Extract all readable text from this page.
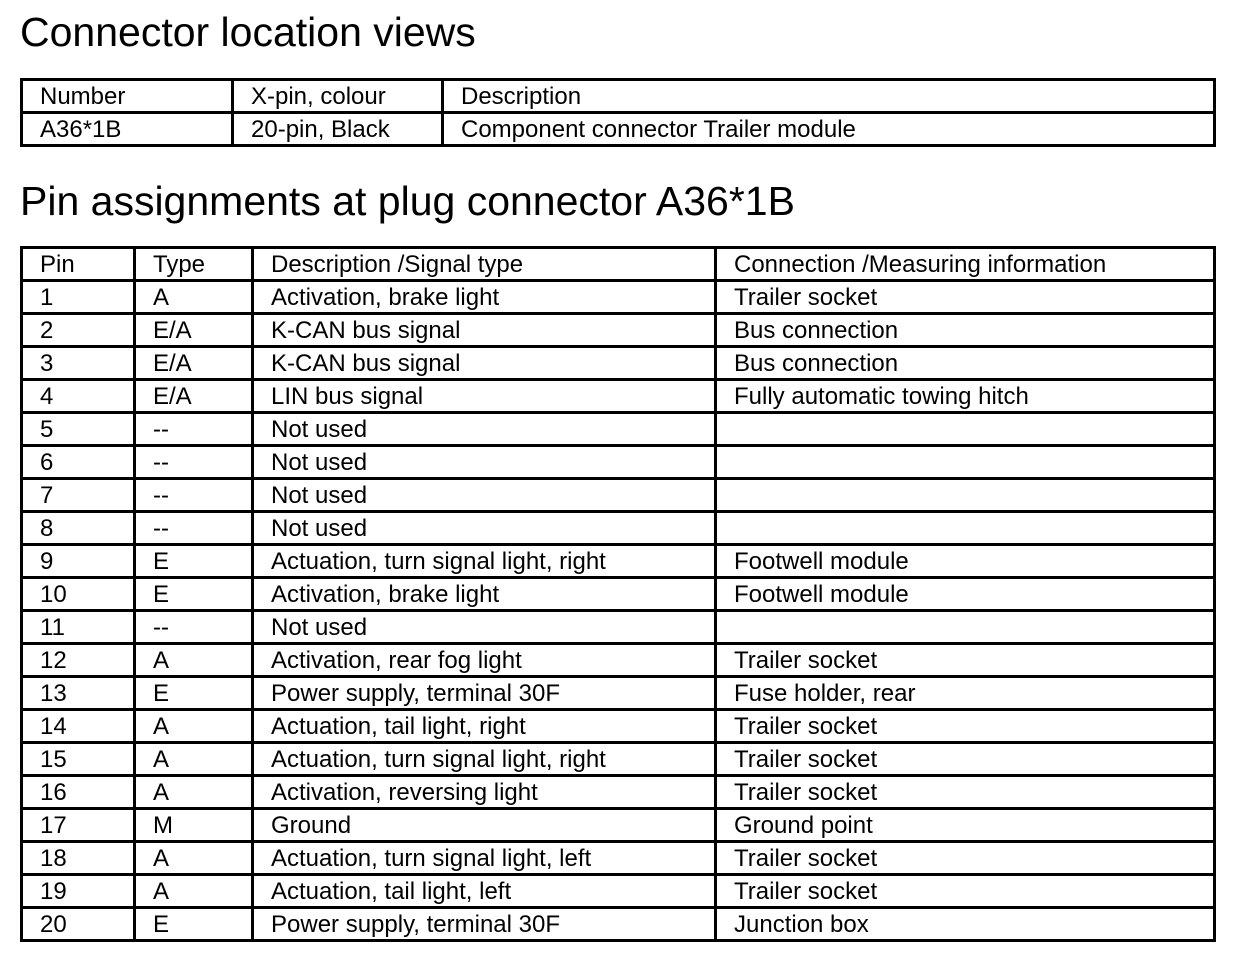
Connector location views
Number	X-pin, colour	Description
A36*1B	20-pin, Black	Component connector Trailer module
Pin assignments at plug connector A36*1B
Pin	Type	Description /Signal type	Connection /Measuring information
1	A	Activation, brake light	Trailer socket
2	E/A	K-CAN bus signal	Bus connection
3	E/A	K-CAN bus signal	Bus connection
4	E/A	LIN bus signal	Fully automatic towing hitch
5	--	Not used	
6	--	Not used	
7	--	Not used	
8	--	Not used	
9	E	Actuation, turn signal light, right	Footwell module
10	E	Activation, brake light	Footwell module
11	--	Not used	
12	A	Activation, rear fog light	Trailer socket
13	E	Power supply, terminal 30F	Fuse holder, rear
14	A	Actuation, tail light, right	Trailer socket
15	A	Actuation, turn signal light, right	Trailer socket
16	A	Activation, reversing light	Trailer socket
17	M	Ground	Ground point
18	A	Actuation, turn signal light, left	Trailer socket
19	A	Actuation, tail light, left	Trailer socket
20	E	Power supply, terminal 30F	Junction box
